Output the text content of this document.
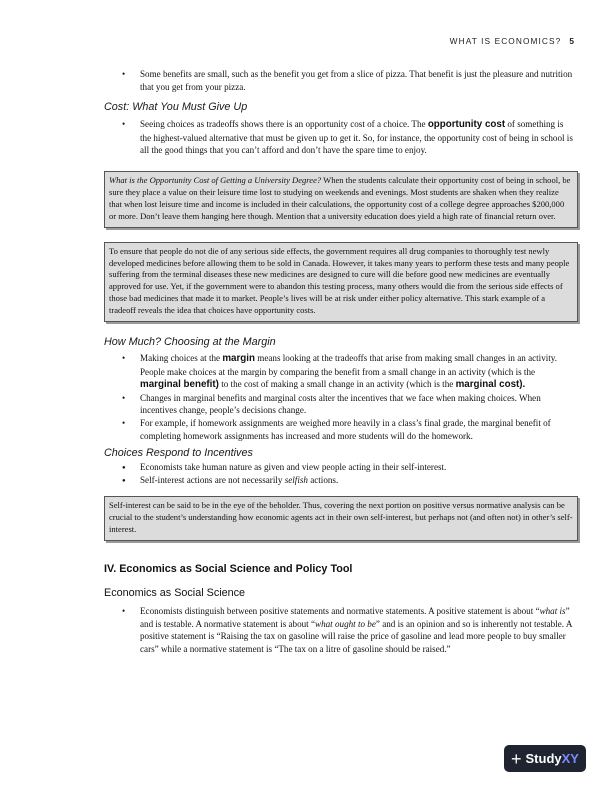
WHAT IS ECONOMICS? 5
• Some benefits are small, such as the benefit you get from a slice of pizza. That benefit is just the pleasure and nutrition that you get from your pizza.
Cost: What You Must Give Up
• Seeing choices as tradeoffs shows there is an opportunity cost of a choice. The opportunity cost of something is the highest-valued alternative that must be given up to get it. So, for instance, the opportunity cost of being in school is all the good things that you can’t afford and don’t have the spare time to enjoy.
What is the Opportunity Cost of Getting a University Degree? When the students calculate their opportunity cost of being in school, be sure they place a value on their leisure time lost to studying on weekends and evenings. Most students are shaken when they realize that when lost leisure time and income is included in their calculations, the opportunity cost of a college degree approaches $200,000 or more. Don’t leave them hanging here though. Mention that a university education does yield a high rate of financial return over.
To ensure that people do not die of any serious side effects, the government requires all drug companies to thoroughly test newly developed medicines before allowing them to be sold in Canada. However, it takes many years to perform these tests and many people suffering from the terminal diseases these new medicines are designed to cure will die before good new medicines are eventually approved for use. Yet, if the government were to abandon this testing process, many others would die from the serious side effects of those bad medicines that made it to market. People’s lives will be at risk under either policy alternative. This stark example of a tradeoff reveals the idea that choices have opportunity costs.
How Much? Choosing at the Margin
• Making choices at the margin means looking at the tradeoffs that arise from making small changes in an activity. People make choices at the margin by comparing the benefit from a small change in an activity (which is the marginal benefit) to the cost of making a small change in an activity (which is the marginal cost).
• Changes in marginal benefits and marginal costs alter the incentives that we face when making choices. When incentives change, people’s decisions change.
• For example, if homework assignments are weighed more heavily in a class’s final grade, the marginal benefit of completing homework assignments has increased and more students will do the homework.
Choices Respond to Incentives
● Economists take human nature as given and view people acting in their self-interest.
● Self-interest actions are not necessarily selfish actions.
Self-interest can be said to be in the eye of the beholder. Thus, covering the next portion on positive versus normative analysis can be crucial to the student’s understanding how economic agents act in their own self-interest, but perhaps not (and often not) in other’s self-interest.
IV. Economics as Social Science and Policy Tool
Economics as Social Science
• Economists distinguish between positive statements and normative statements. A positive statement is about “what is” and is testable. A normative statement is about “what ought to be” and is an opinion and so is inherently not testable. A positive statement is “Raising the tax on gasoline will raise the price of gasoline and lead more people to buy smaller cars” while a normative statement is “The tax on a litre of gasoline should be raised.”
+ Study XY
